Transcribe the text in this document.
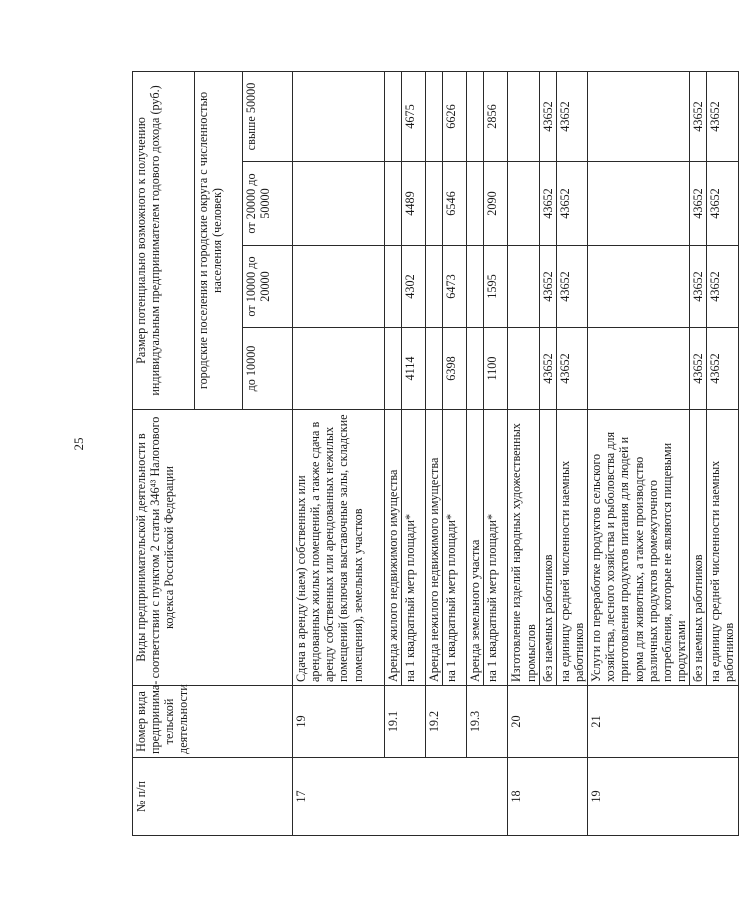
25
№ п/п	Номер вида предпринима-тельской деятельности	Виды предпринимательской деятельности в соответствии с пунктом 2 статьи 346⁴³ Налогового кодекса Российской Федерации	Размер потенциально возможного к получению индивидуальным предпринимателем годового дохода (руб.)			
			городские поселения и городские округа с численностью населения (человек)			
			до 10000	от 10000 до 20000	от 20000 до 50000	свыше 50000
17	19	Сдача в аренду (наем) собственных или арендованных жилых помещений, а также сдача в аренду собственных или арендованных нежилых помещений (включая выставочные залы, складские помещения), земельных участков				
	19.1	Аренда жилого недвижимого имущества				
		на 1 квадратный метр площади*	4114	4302	4489	4675
	19.2	Аренда нежилого недвижимого имущества				
		на 1 квадратный метр площади*	6398	6473	6546	6626
	19.3	Аренда земельного участка				
		на 1 квадратный метр площади*	1100	1595	2090	2856
18	20	Изготовление изделий народных художественных промыслов				
		без наемных работников	43652	43652	43652	43652
		на единицу средней численности наемных работников	43652	43652	43652	43652
19	21	Услуги по переработке продуктов сельского хозяйства, лесного хозяйства и рыболовства для приготовления продуктов питания для людей и корма для животных, а также производство различных продуктов промежуточного потребления, которые не являются пищевыми продуктами				
		без наемных работников	43652	43652	43652	43652
		на единицу средней численности наемных работников	43652	43652	43652	43652
